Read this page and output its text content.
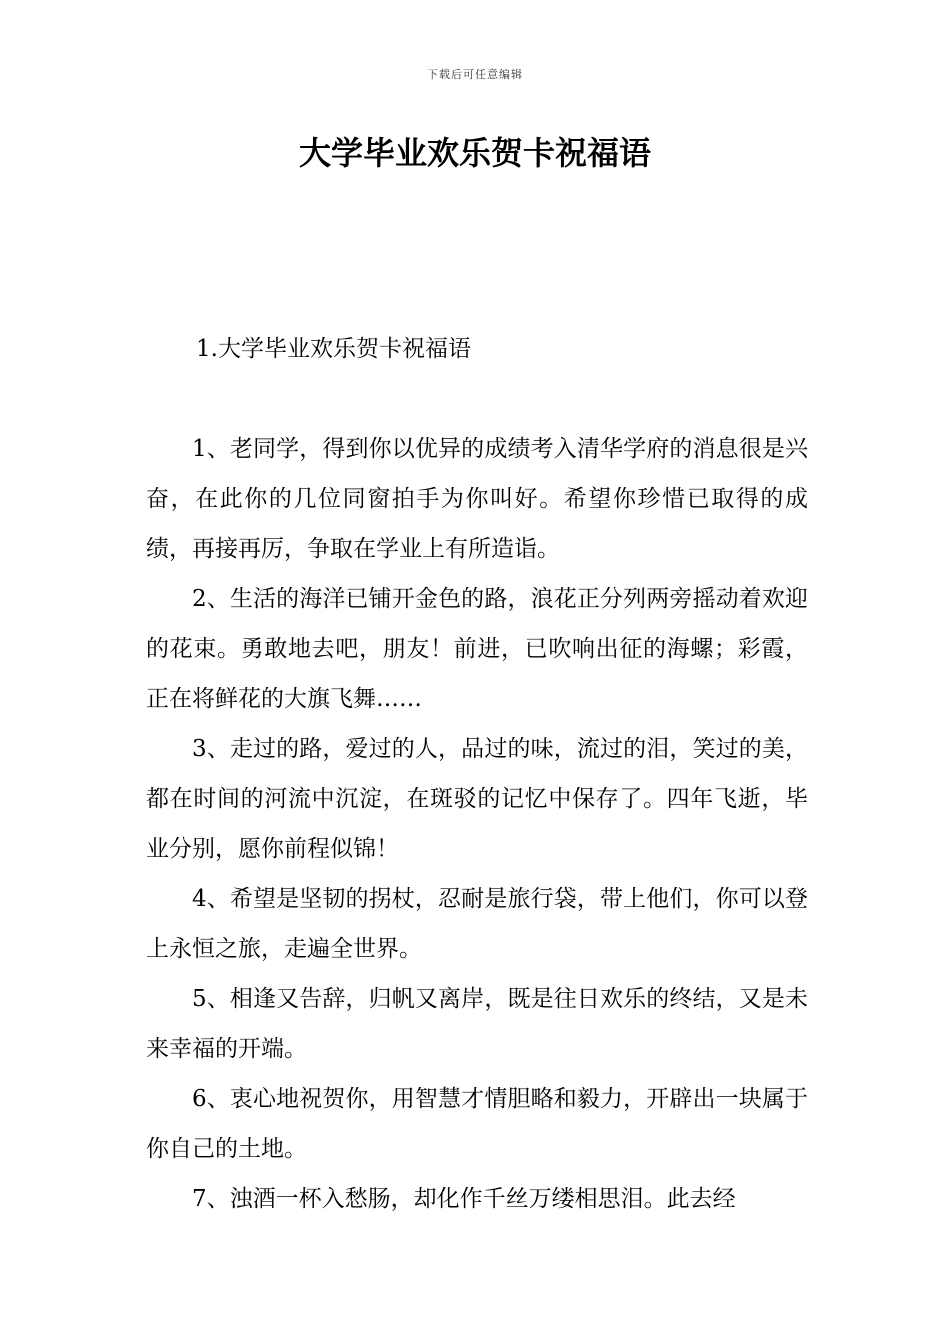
下载后可任意编辑
大学毕业欢乐贺卡祝福语

1.大学毕业欢乐贺卡祝福语

1、老同学，得到你以优异的成绩考入清华学府的消息很是兴奋，在此你的几位同窗拍手为你叫好。希望你珍惜已取得的成绩，再接再厉，争取在学业上有所造诣。

2、生活的海洋已铺开金色的路，浪花正分列两旁摇动着欢迎的花束。勇敢地去吧，朋友！前进，已吹响出征的海螺；彩霞，正在将鲜花的大旗飞舞……

3、走过的路，爱过的人，品过的味，流过的泪，笑过的美，都在时间的河流中沉淀，在斑驳的记忆中保存了。四年飞逝，毕业分别，愿你前程似锦！

4、希望是坚韧的拐杖，忍耐是旅行袋，带上他们，你可以登上永恒之旅，走遍全世界。

5、相逢又告辞，归帆又离岸，既是往日欢乐的终结，又是未来幸福的开端。

6、衷心地祝贺你，用智慧才情胆略和毅力，开辟出一块属于你自己的土地。

7、浊酒一杯入愁肠，却化作千丝万缕相思泪。此去经
